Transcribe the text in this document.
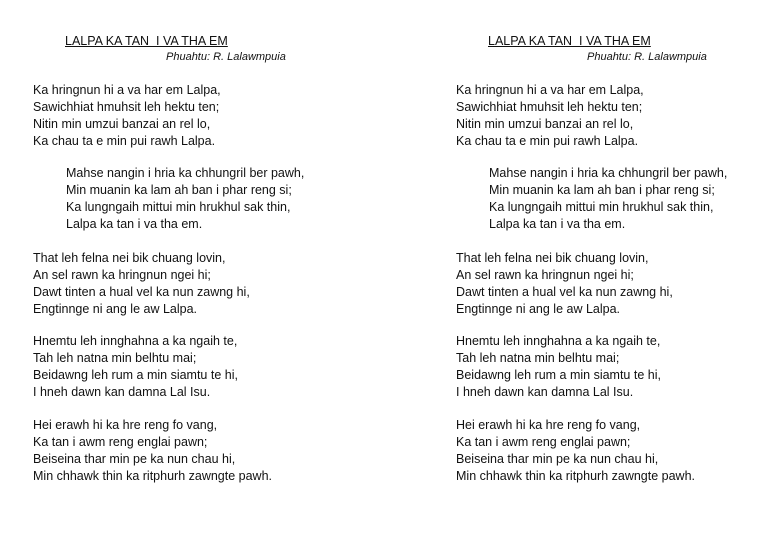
LALPA KA TAN  I VA THA EM
Phuahtu: R. Lalawmpuia
Ka hringnun hi a va har em Lalpa,
Sawichhiat hmuhsit leh hektu ten;
Nitin min umzui banzai an rel lo,
Ka chau ta e min pui rawh Lalpa.
Mahse nangin i hria ka chhungril ber pawh,
Min muanin ka lam ah ban i phar reng si;
Ka lungngaih mittui min hrukhul sak thin,
Lalpa ka tan i va tha em.
That leh felna nei bik chuang lovin,
An sel rawn ka hringnun ngei hi;
Dawt tinten a hual vel ka nun zawng hi,
Engtinnge ni ang le aw Lalpa.
Hnemtu leh innghahna a ka ngaih te,
Tah leh natna min belhtu mai;
Beidawng leh rum a min siamtu te hi,
I hneh dawn kan damna Lal Isu.
Hei erawh hi ka hre reng fo vang,
Ka tan i awm reng englai pawn;
Beiseina thar min pe ka nun chau hi,
Min chhawk thin ka ritphurh zawngte pawh.
LALPA KA TAN  I VA THA EM
Phuahtu: R. Lalawmpuia
Ka hringnun hi a va har em Lalpa,
Sawichhiat hmuhsit leh hektu ten;
Nitin min umzui banzai an rel lo,
Ka chau ta e min pui rawh Lalpa.
Mahse nangin i hria ka chhungril ber pawh,
Min muanin ka lam ah ban i phar reng si;
Ka lungngaih mittui min hrukhul sak thin,
Lalpa ka tan i va tha em.
That leh felna nei bik chuang lovin,
An sel rawn ka hringnun ngei hi;
Dawt tinten a hual vel ka nun zawng hi,
Engtinnge ni ang le aw Lalpa.
Hnemtu leh innghahna a ka ngaih te,
Tah leh natna min belhtu mai;
Beidawng leh rum a min siamtu te hi,
I hneh dawn kan damna Lal Isu.
Hei erawh hi ka hre reng fo vang,
Ka tan i awm reng englai pawn;
Beiseina thar min pe ka nun chau hi,
Min chhawk thin ka ritphurh zawngte pawh.
